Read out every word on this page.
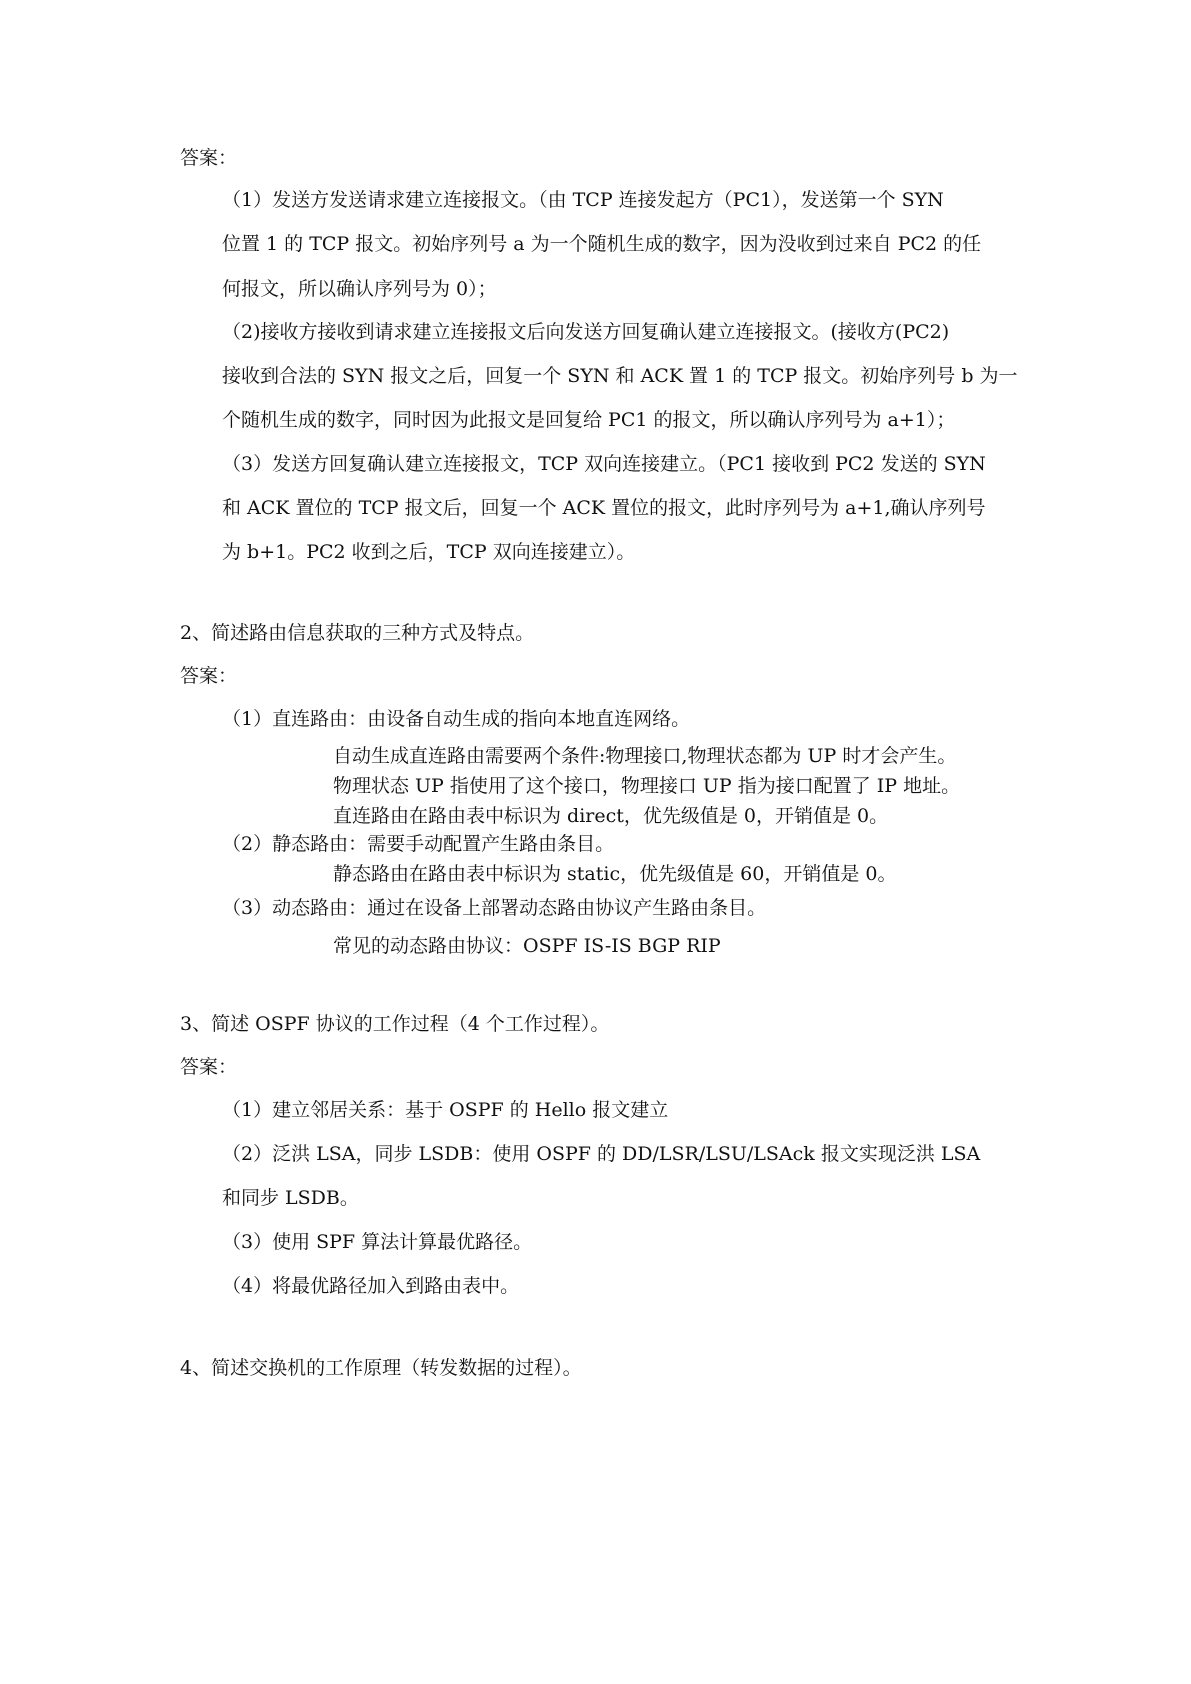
答案：
（1）发送方发送请求建立连接报文。（由 TCP 连接发起方（PC1），发送第一个 SYN
位置 1 的 TCP 报文。初始序列号 a 为一个随机生成的数字，因为没收到过来自 PC2 的任
何报文，所以确认序列号为 0）；
（2)接收方接收到请求建立连接报文后向发送方回复确认建立连接报文。(接收方(PC2)
接收到合法的 SYN 报文之后，回复一个 SYN 和 ACK 置 1 的 TCP 报文。初始序列号 b 为一
个随机生成的数字，同时因为此报文是回复给 PC1 的报文，所以确认序列号为 a+1）；
（3）发送方回复确认建立连接报文，TCP 双向连接建立。（PC1 接收到 PC2 发送的 SYN
和 ACK 置位的 TCP 报文后，回复一个 ACK 置位的报文，此时序列号为 a+1,确认序列号
为 b+1。PC2 收到之后，TCP 双向连接建立）。
2、简述路由信息获取的三种方式及特点。
答案：
（1）直连路由：由设备自动生成的指向本地直连网络。
自动生成直连路由需要两个条件:物理接口,物理状态都为 UP 时才会产生。
物理状态 UP 指使用了这个接口，物理接口 UP 指为接口配置了 IP 地址。
直连路由在路由表中标识为 direct，优先级值是 0，开销值是 0。
（2）静态路由：需要手动配置产生路由条目。
静态路由在路由表中标识为 static，优先级值是 60，开销值是 0。
（3）动态路由：通过在设备上部署动态路由协议产生路由条目。
常见的动态路由协议：OSPF IS-IS BGP RIP
3、简述 OSPF 协议的工作过程（4 个工作过程）。
答案：
（1）建立邻居关系：基于 OSPF 的 Hello 报文建立
（2）泛洪 LSA，同步 LSDB：使用 OSPF 的 DD/LSR/LSU/LSAck 报文实现泛洪 LSA
和同步 LSDB。
（3）使用 SPF 算法计算最优路径。
（4）将最优路径加入到路由表中。
4、简述交换机的工作原理（转发数据的过程）。
